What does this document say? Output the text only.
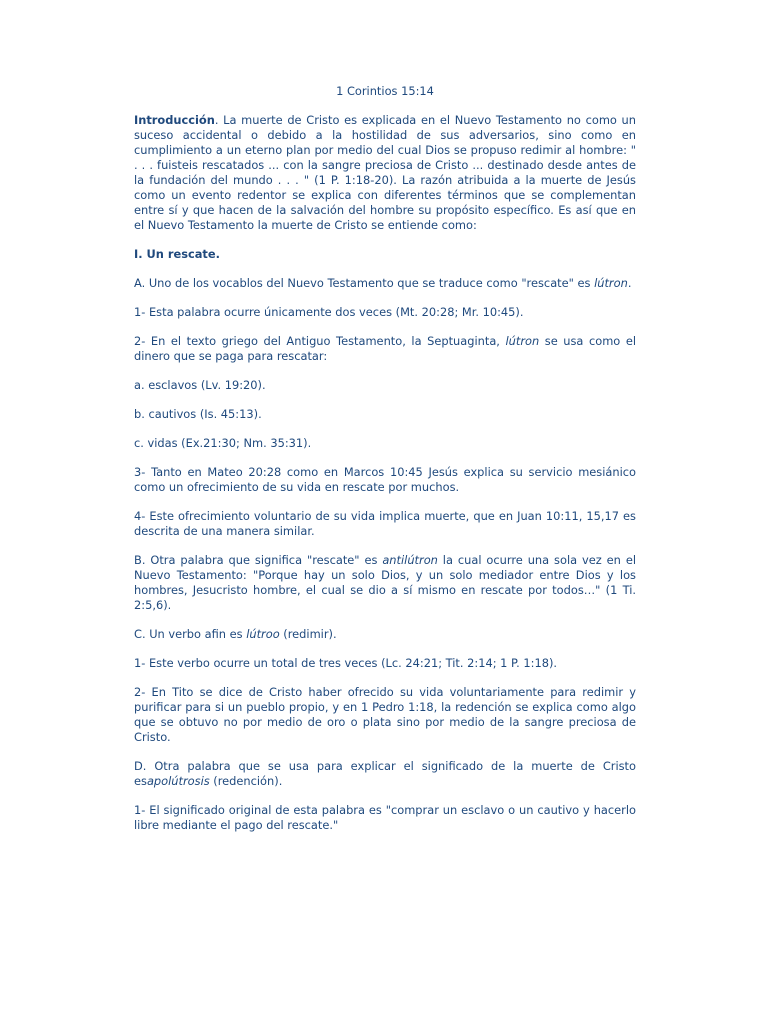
1 Corintios 15:14

Introducción. La muerte de Cristo es explicada en el Nuevo Testamento no como un suceso accidental o debido a la hostilidad de sus adversarios, sino como en cumplimiento a un eterno plan por medio del cual Dios se propuso redimir al hombre: " . . . fuisteis rescatados ... con la sangre preciosa de Cristo ... destinado desde antes de la fundación del mundo . . . " (1 P. 1:18-20). La razón atribuida a la muerte de Jesús como un evento redentor se explica con diferentes términos que se complementan entre sí y que hacen de la salvación del hombre su propósito específico. Es así que en el Nuevo Testamento la muerte de Cristo se entiende como:

I. Un rescate.

A. Uno de los vocablos del Nuevo Testamento que se traduce como "rescate" es lútron.

1- Esta palabra ocurre únicamente dos veces (Mt. 20:28; Mr. 10:45).

2- En el texto griego del Antiguo Testamento, la Septuaginta, lútron se usa como el dinero que se paga para rescatar:

a. esclavos (Lv. 19:20).

b. cautivos (Is. 45:13).

c. vidas (Ex.21:30; Nm. 35:31).

3- Tanto en Mateo 20:28 como en Marcos 10:45 Jesús explica su servicio mesiánico como un ofrecimiento de su vida en rescate por muchos.

4- Este ofrecimiento voluntario de su vida implica muerte, que en Juan 10:11, 15,17 es descrita de una manera similar.

B. Otra palabra que significa "rescate" es antilútron la cual ocurre una sola vez en el Nuevo Testamento: "Porque hay un solo Dios, y un solo mediador entre Dios y los hombres, Jesucristo hombre, el cual se dio a sí mismo en rescate por todos…" (1 Ti. 2:5,6).

C. Un verbo afin es lútroo (redimir).

1- Este verbo ocurre un total de tres veces (Lc. 24:21; Tit. 2:14; 1 P. 1:18).

2- En Tito se dice de Cristo haber ofrecido su vida voluntariamente para redimir y purificar para si un pueblo propio, y en 1 Pedro 1:18, la redención se explica como algo que se obtuvo no por medio de oro o plata sino por medio de la sangre preciosa de Cristo.

D. Otra palabra que se usa para explicar el significado de la muerte de Cristo esapolútrosis (redención).

1- El significado original de esta palabra es "comprar un esclavo o un cautivo y hacerlo libre mediante el pago del rescate."
